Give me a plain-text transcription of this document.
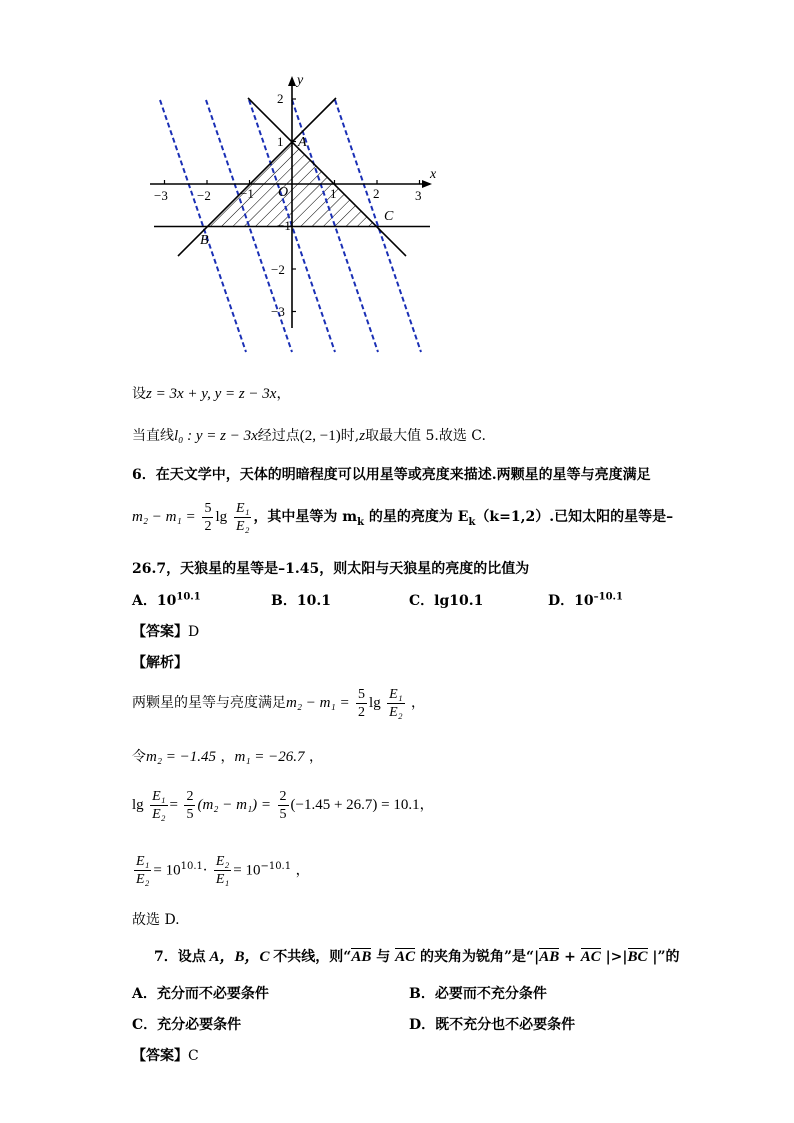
−3 −2 −1	1	2	3
2
1
−1
−2
−3
x
y
O
A
B
C
设z = 3x + y, y = z − 3x，
当直线l₀ : y = z − 3x经过点(2, −1)时,z取最大值 5.故选 C.
6．在天文学中，天体的明暗程度可以用星等或亮度来描述.两颗星的星等与亮度满足
$m_2 - m_1 = \frac{5}{2}$ $\lg \frac{\text{E₁}}{\text{E₂}}$ ，其中星等为 $m_k$ 的星的亮度为 $E_k(k=1,2)$.已知太阳的星等是–
26.7，天狼星的星等是–1.45，则太阳与天狼星的亮度的比值为
A．$10^{10.1}$	B．10.1	C．lg10.1	D．$10^{-10.1}$
【答案】D
【解析】
两颗星的星等与亮度满足$m_2 - m_1 = \frac{5}{2}$ $\lg \frac{\text{E₁}}{\text{E₂}}$ ，
令m₂ = −1.45 ，m₁ = −26.7 ，
$\lg \frac{\text{E₁}}{\text{E₂}} = \frac{2}{5} (m_2 - m_1) = \frac{2}{5} (-1.45 + 26.7) = 10.1$，
$\frac{\text{E₁}}{\text{E₂}} = 10^{10.1}\cdot \frac{\text{E₂}}{\text{E₁}} = 10^{-10.1}$ ，
故选 D.
7．设点 A，B，C 不共线，则“AB 与 AC 的夹角为锐角”是“|AB + AC |>|BC |”的
A．充分而不必要条件	B．必要而不充分条件
C．充分必要条件	D．既不充分也不必要条件
【答案】C
